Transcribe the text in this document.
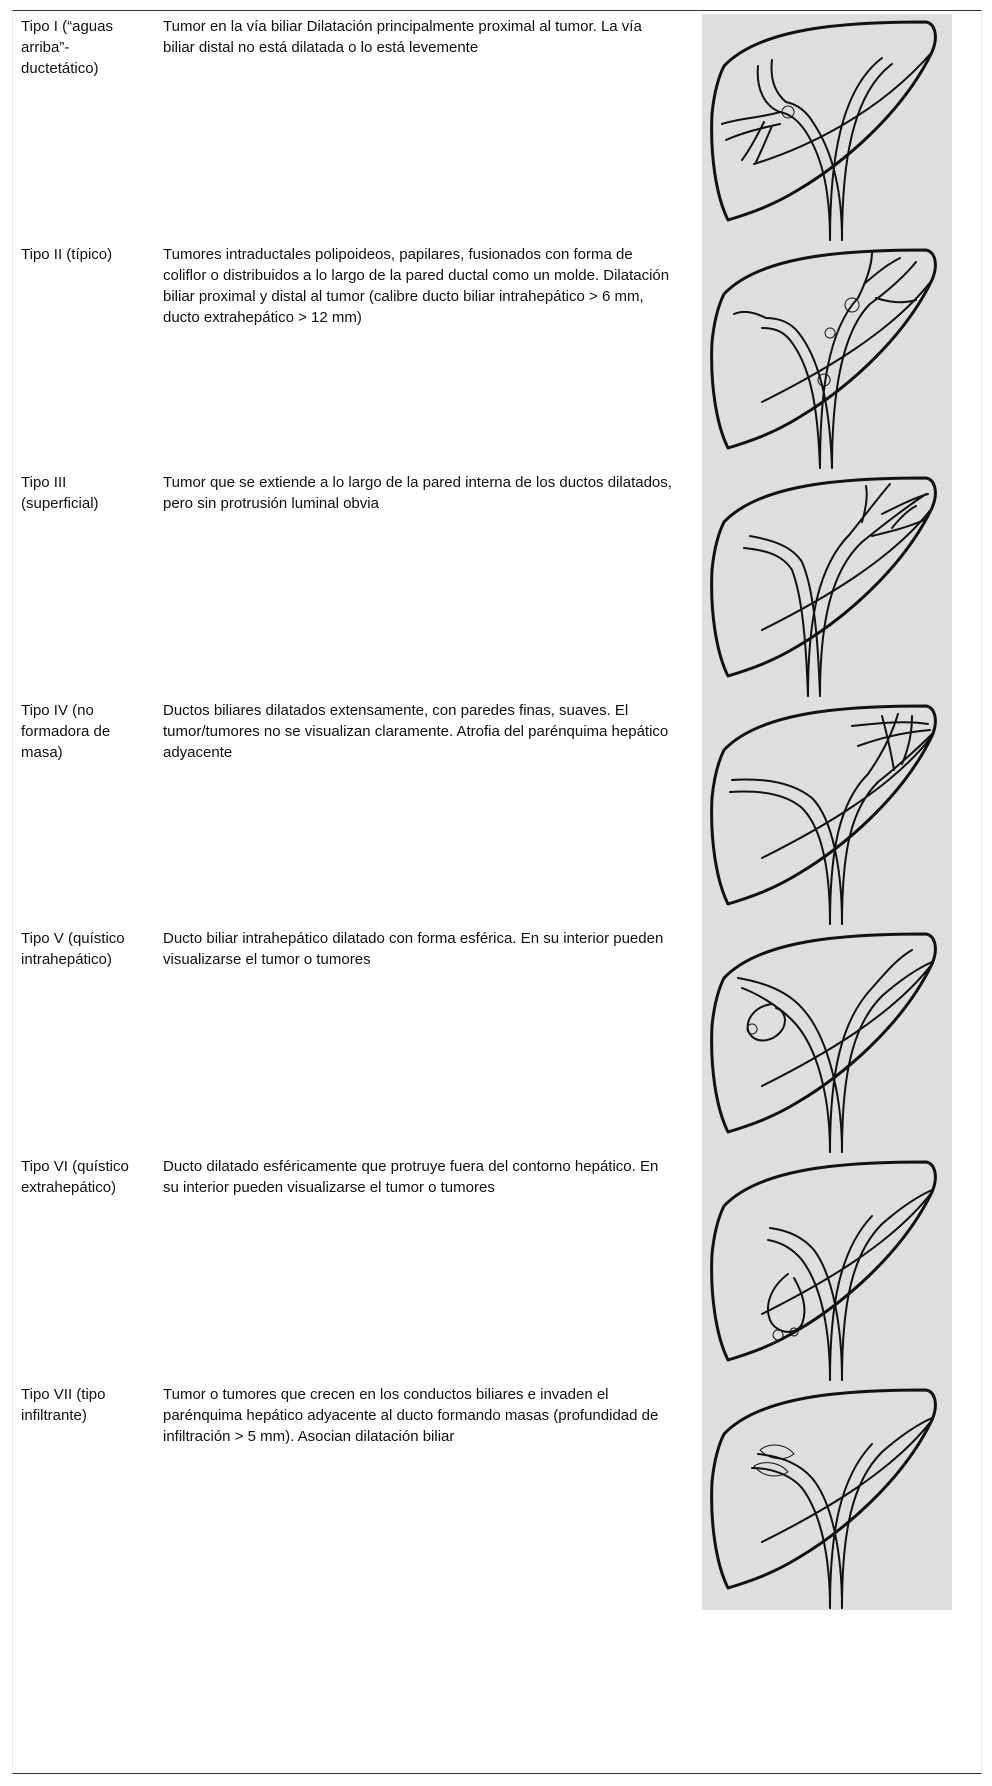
Tipo I (“aguas arriba”-ductetático)
Tumor en la vía biliar Dilatación principalmente proximal al tumor. La vía biliar distal no está dilatada o lo está levemente
Tipo II (típico)	Tumores intraductales polipoideos, papilares, fusionados con forma de coliflor o distribuidos a lo largo de la pared ductal como un molde. Dilatación biliar proximal y distal al tumor (calibre ducto biliar intrahepático > 6 mm, ducto extrahepático > 12 mm)
Tipo III (superficial)
Tumor que se extiende a lo largo de la pared interna de los ductos dilatados, pero sin protrusión luminal obvia
Tipo IV (no formadora de masa)
Ductos biliares dilatados extensamente, con paredes finas, suaves. El tumor/tumores no se visualizan claramente. Atrofia del parénquima hepático adyacente
Tipo V (quístico intrahepático)
Ducto biliar intrahepático dilatado con forma esférica. En su interior pueden visualizarse el tumor o tumores
Tipo VI (quístico extrahepático)
Ducto dilatado esféricamente que protruye fuera del contorno hepático. En su interior pueden visualizarse el tumor o tumores
Tipo VII (tipo infiltrante)
Tumor o tumores que crecen en los conductos biliares e invaden el parénquima hepático adyacente al ducto formando masas (profundidad de infiltración > 5 mm). Asocian dilatación biliar
